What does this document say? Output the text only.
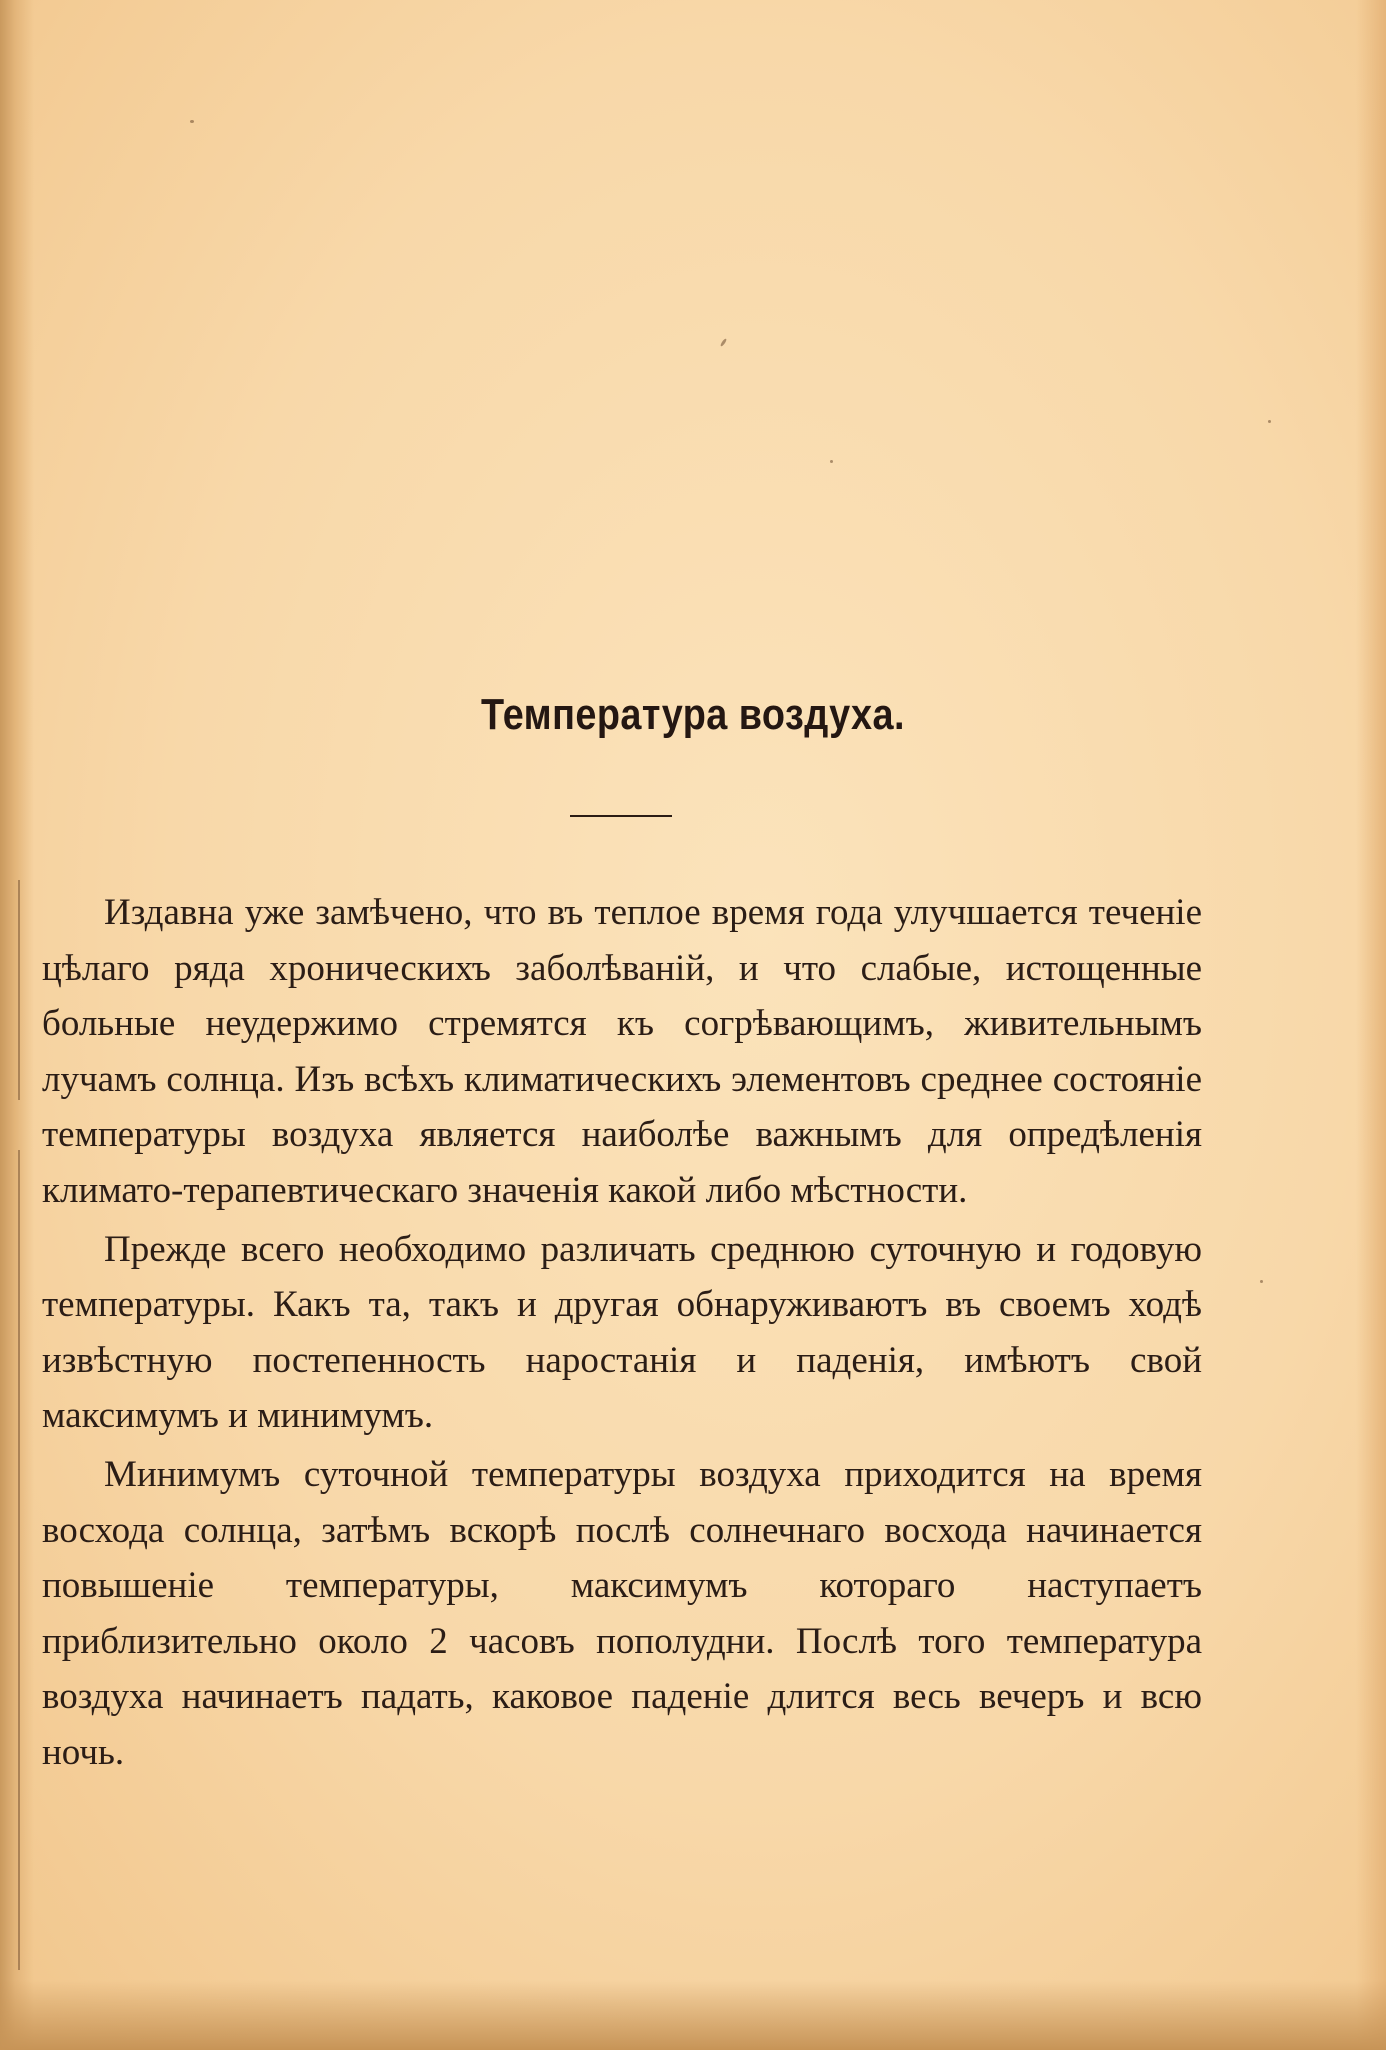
Температура воздуха.

Издавна уже замѣчено, что въ теплое время года улучшается теченіе цѣлаго ряда хроническихъ заболѣваній, и что слабые, истощенные больные неудержимо стремятся къ согрѣвающимъ, живительнымъ лучамъ солнца. Изъ всѣхъ климатическихъ элементовъ среднее состояніе температуры воздуха является наиболѣе важнымъ для опредѣленія климато-терапевтическаго значенія какой либо мѣстности.

Прежде всего необходимо различать среднюю суточную и годовую температуры. Какъ та, такъ и другая обнаруживаютъ въ своемъ ходѣ извѣстную постепенность наростанія и паденія, имѣютъ свой максимумъ и минимумъ.

Минимумъ суточной температуры воздуха приходится на время восхода солнца, затѣмъ вскорѣ послѣ солнечнаго восхода начинается повышеніе температуры, максимумъ котораго наступаетъ приблизительно около 2 часовъ пополудни. Послѣ того температура воздуха начинаетъ падать, каковое паденіе длится весь вечеръ и всю ночь.
